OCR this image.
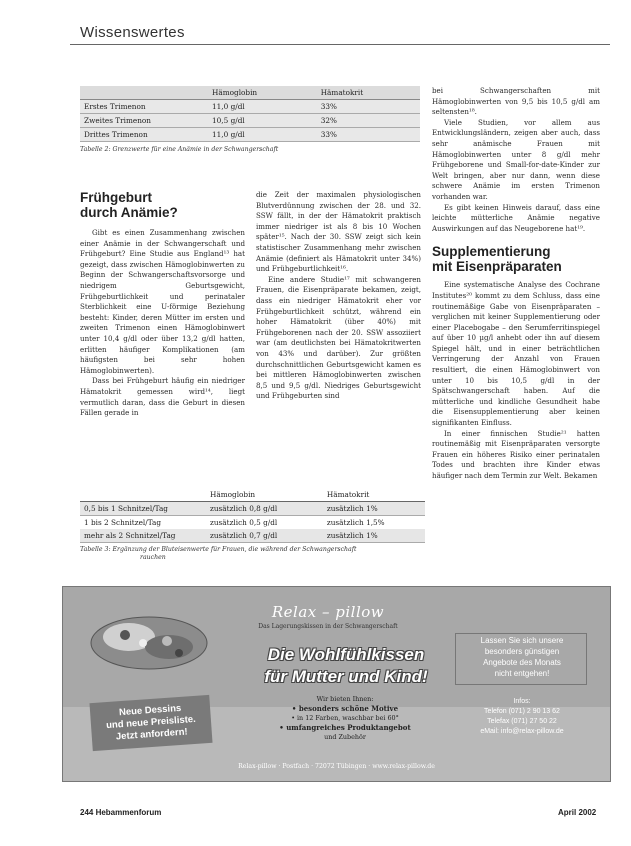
Wissenswertes
	Hämoglobin	Hämatokrit
Erstes Trimenon	11,0 g/dl	33%
Zweites Trimenon	10,5 g/dl	32%
Drittes Trimenon	11,0 g/dl	33%
Tabelle 2: Grenzwerte für eine Anämie in der Schwangerschaft
Frühgeburt
durch Anämie?

Gibt es einen Zusammenhang zwischen einer Anämie in der Schwangerschaft und Frühgeburt? Eine Studie aus England¹³ hat gezeigt, dass zwischen Hämoglobinwerten zu Beginn der Schwangerschaftsvorsorge und niedrigem Geburtsgewicht, Frühgeburtlichkeit und perinataler Sterblichkeit eine U-förmige Beziehung besteht: Kinder, deren Mütter im ersten und zweiten Trimenon einen Hämoglobinwert unter 10,4 g/dl oder über 13,2 g/dl hatten, erlitten häufiger Komplikationen (am häufigsten bei sehr hohen Hämoglobinwerten).

Dass bei Frühgeburt häufig ein niedriger Hämatokrit gemessen wird¹⁴, liegt vermutlich daran, dass die Geburt in diesen Fällen gerade in

die Zeit der maximalen physiologischen Blutverdünnung zwischen der 28. und 32. SSW fällt, in der der Hämatokrit praktisch immer niedriger ist als 8 bis 10 Wochen später¹⁵. Nach der 30. SSW zeigt sich kein statistischer Zusammenhang mehr zwischen Anämie (definiert als Hämatokrit unter 34%) und Frühgeburtlichkeit¹⁶.

Eine andere Studie¹⁷ mit schwangeren Frauen, die Eisenpräparate bekamen, zeigt, dass ein niedriger Hämatokrit eher vor Frühgeburtlichkeit schützt, während ein hoher Hämatokrit (über 40%) mit Frühgeborenen nach der 20. SSW assoziiert war (am deutlichsten bei Hämatokritwerten von 43% und darüber). Zur größten durchschnittlichen Geburtsgewicht kamen es bei mittleren Hämoglobinwerten zwischen 8,5 und 9,5 g/dl. Niedriges Geburtsgewicht und Frühgeburten sind

bei Schwangerschaften mit Hämoglobinwerten von 9,5 bis 10,5 g/dl am seltensten¹⁸.

Viele Studien, vor allem aus Entwicklungsländern, zeigen aber auch, dass sehr anämische Frauen mit Hämoglobinwerten unter 8 g/dl mehr Frühgeborene und Small-for-date-Kinder zur Welt bringen, aber nur dann, wenn diese schwere Anämie im ersten Trimenon vorhanden war.

Es gibt keinen Hinweis darauf, dass eine leichte mütterliche Anämie negative Auswirkungen auf das Neugeborene hat¹⁹.

Supplementierung
mit Eisenpräparaten

Eine systematische Analyse des Cochrane Institutes²⁰ kommt zu dem Schluss, dass eine routinemäßige Gabe von Eisenpräparaten – verglichen mit keiner Supplementierung oder einer Placebogabe – den Serumferritinspiegel auf über 10 µg/l anhebt oder ihn auf diesem Spiegel hält, und in einer beträchtlichen Verringerung der Anzahl von Frauen resultiert, die einen Hämoglobinwert von unter 10 bis 10,5 g/dl in der Spätschwangerschaft haben. Auf die mütterliche und kindliche Gesundheit habe die Eisensupplementierung aber keinen signifikanten Einfluss.

In einer finnischen Studie²¹ hatten routinemäßig mit Eisenpräparaten versorgte Frauen ein höheres Risiko einer perinatalen Todes und brachten ihre Kinder etwas häufiger nach dem Termin zur Welt. Bekamen

	Hämoglobin	Hämatokrit
0,5 bis 1 Schnitzel/Tag	zusätzlich 0,8 g/dl	zusätzlich 1%
1 bis 2 Schnitzel/Tag	zusätzlich 0,5 g/dl	zusätzlich 1,5%
mehr als 2 Schnitzel/Tag	zusätzlich 0,7 g/dl	zusätzlich 1%
Tabelle 3: Ergänzung der Bluteisenwerte für Frauen, die während der Schwangerschaft
rauchen
Relax – pillow
Das Lagerungskissen in der Schwangerschaft
Die Wohlfühlkissen
für Mutter und Kind!
Neue Dessins
und neue Preisliste.
Jetzt anfordern!
Wir bieten Ihnen:
• besonders schöne Motive
• in 12 Farben, waschbar bei 60°
• umfangreiches Produktangebot
und Zubehör
Lassen Sie sich unsere
besonders günstigen
Angebote des Monats
nicht entgehen!
Infos:
Telefon (071) 2 90 13 62
Telefax (071) 27 50 22
eMail: info@relax-pillow.de
Relax-pillow · Postfach · 72072 Tübingen · www.relax-pillow.de
244 Hebammenforum	April 2002
